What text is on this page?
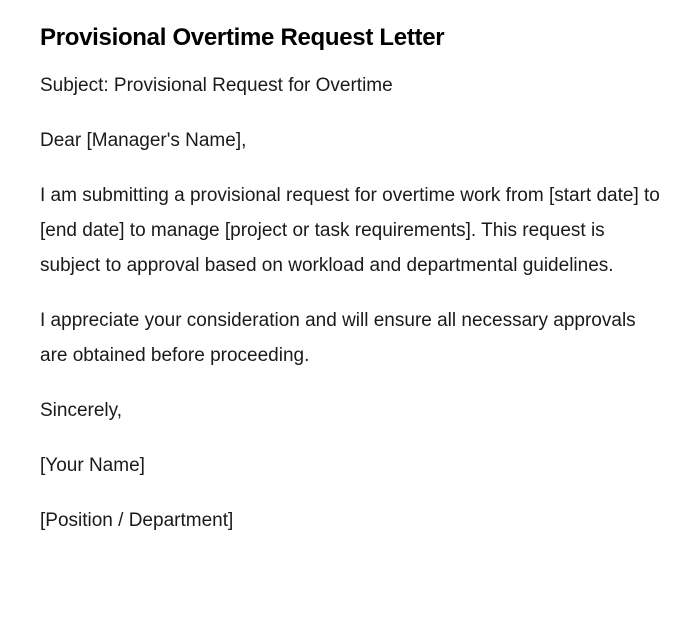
Provisional Overtime Request Letter

Subject: Provisional Request for Overtime

Dear [Manager's Name],

I am submitting a provisional request for overtime work from [start date] to [end date] to manage [project or task requirements]. This request is subject to approval based on workload and departmental guidelines.

I appreciate your consideration and will ensure all necessary approvals are obtained before proceeding.

Sincerely,

[Your Name]

[Position / Department]
